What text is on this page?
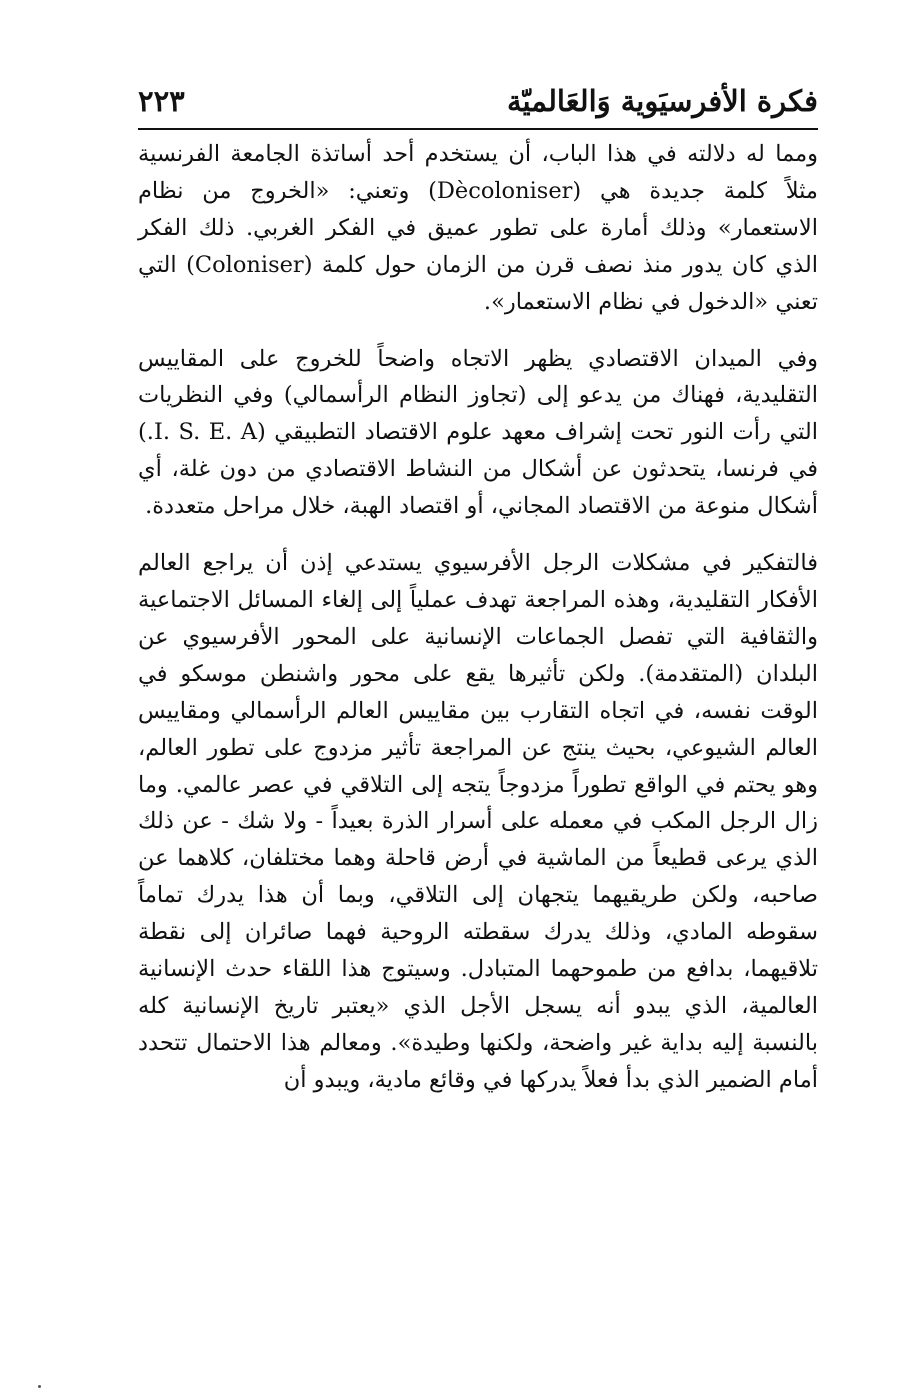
فكرة الأفرسيَوية وَالعَالميّة
٢٢٣

ومما له دلالته في هذا الباب، أن يستخدم أحد أساتذة الجامعة الفرنسية مثلاً كلمة جديدة هي (Dècoloniser) وتعني: «الخروج من نظام الاستعمار» وذلك أمارة على تطور عميق في الفكر الغربي. ذلك الفكر الذي كان يدور منذ نصف قرن من الزمان حول كلمة (Coloniser) التي تعني «الدخول في نظام الاستعمار».

وفي الميدان الاقتصادي يظهر الاتجاه واضحاً للخروج على المقاييس التقليدية، فهناك من يدعو إلى (تجاوز النظام الرأسمالي) وفي النظريات التي رأت النور تحت إشراف معهد علوم الاقتصاد التطبيقي (I. S. E. A.) في فرنسا، يتحدثون عن أشكال من النشاط الاقتصادي من دون غلة، أي أشكال منوعة من الاقتصاد المجاني، أو اقتصاد الهبة، خلال مراحل متعددة.

فالتفكير في مشكلات الرجل الأفرسيوي يستدعي إذن أن يراجع العالم الأفكار التقليدية، وهذه المراجعة تهدف عملياً إلى إلغاء المسائل الاجتماعية والثقافية التي تفصل الجماعات الإنسانية على المحور الأفرسيوي عن البلدان (المتقدمة). ولكن تأثيرها يقع على محور واشنطن موسكو في الوقت نفسه، في اتجاه التقارب بين مقاييس العالم الرأسمالي ومقاييس العالم الشيوعي، بحيث ينتج عن المراجعة تأثير مزدوج على تطور العالم، وهو يحتم في الواقع تطوراً مزدوجاً يتجه إلى التلاقي في عصر عالمي. وما زال الرجل المكب في معمله على أسرار الذرة بعيداً - ولا شك - عن ذلك الذي يرعى قطيعاً من الماشية في أرض قاحلة وهما مختلفان، كلاهما عن صاحبه، ولكن طريقيهما يتجهان إلى التلاقي، وبما أن هذا يدرك تماماً سقوطه المادي، وذلك يدرك سقطته الروحية فهما صائران إلى نقطة تلاقيهما، بدافع من طموحهما المتبادل. وسيتوج هذا اللقاء حدث الإنسانية العالمية، الذي يبدو أنه يسجل الأجل الذي «يعتبر تاريخ الإنسانية كله بالنسبة إليه بداية غير واضحة، ولكنها وطيدة». ومعالم هذا الاحتمال تتحدد أمام الضمير الذي بدأ فعلاً يدركها في وقائع مادية، ويبدو أن
